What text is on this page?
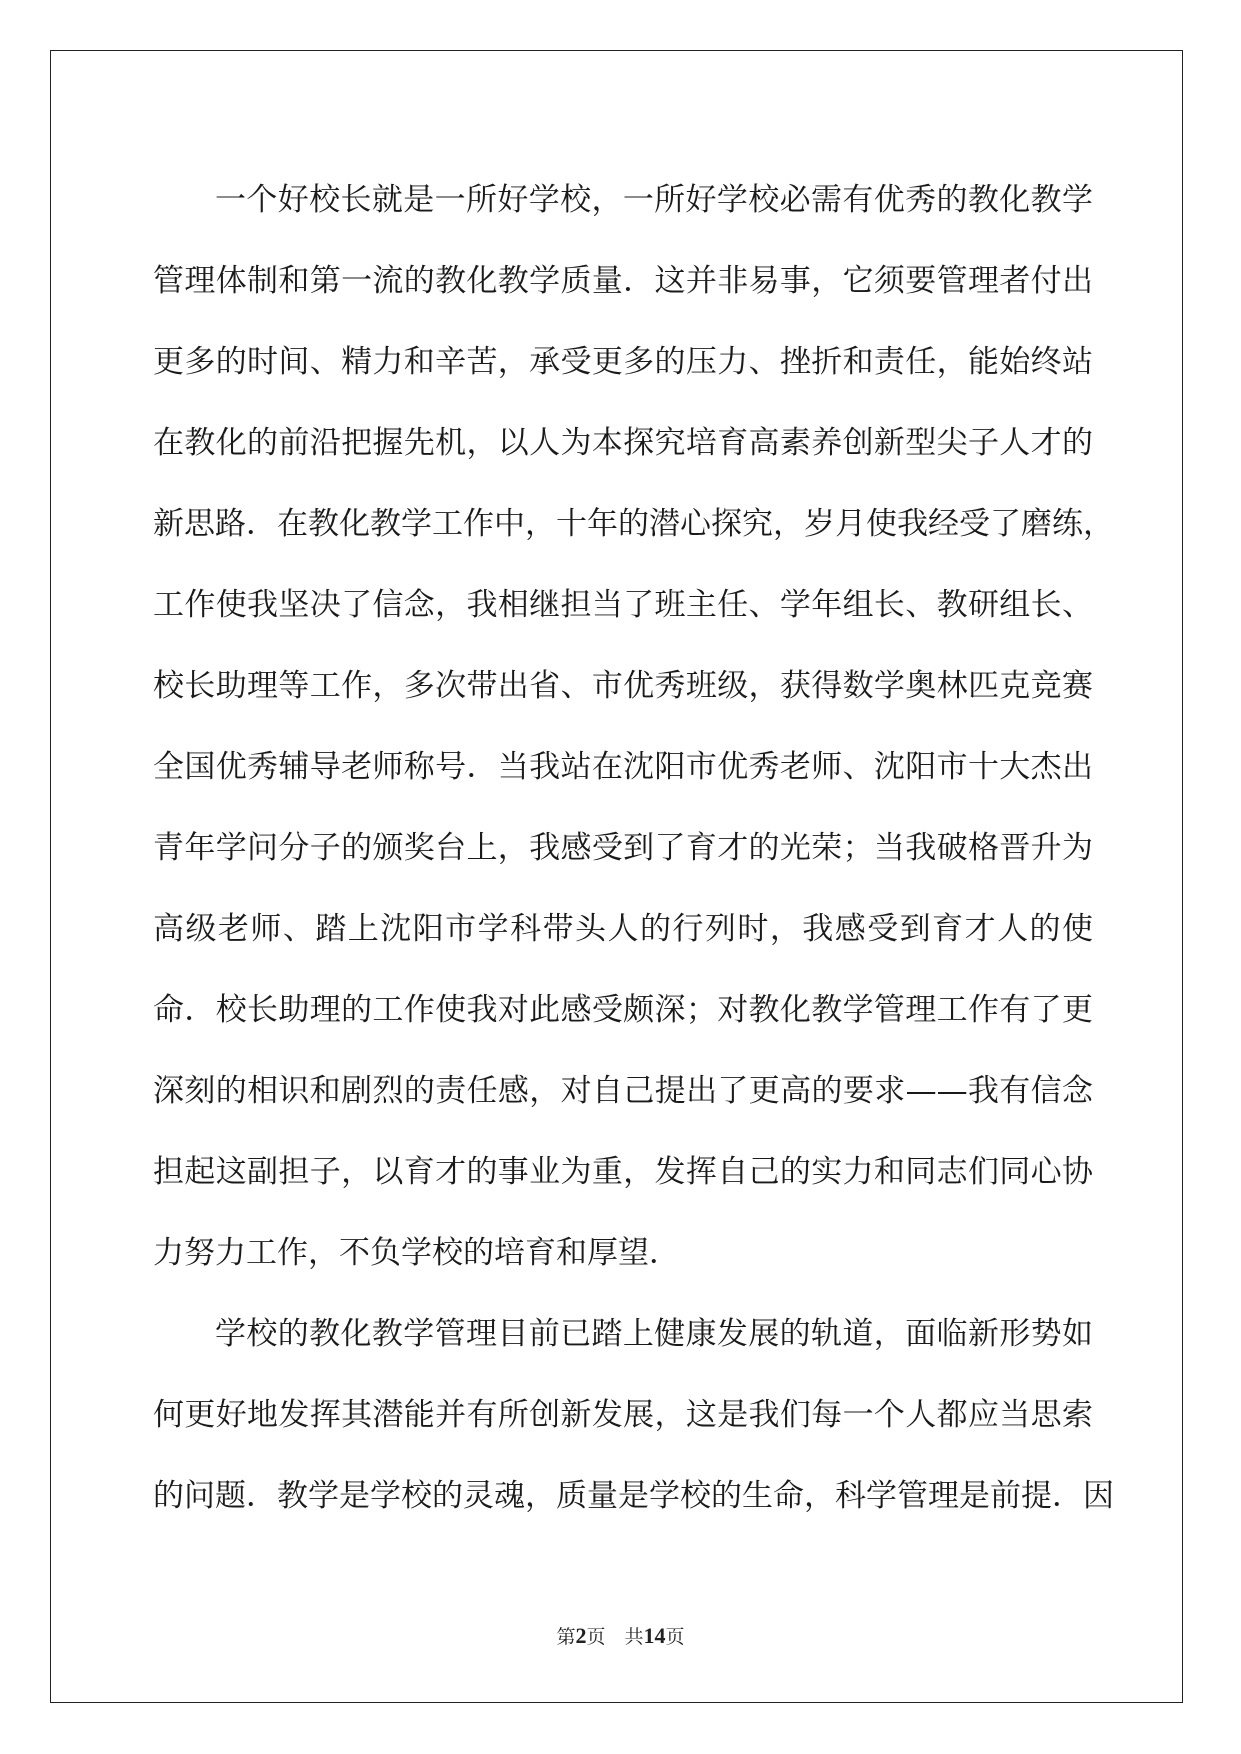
一个好校长就是一所好学校，一所好学校必需有优秀的教化教学
管理体制和第一流的教化教学质量．这并非易事，它须要管理者付出
更多的时间、精力和辛苦，承受更多的压力、挫折和责任，能始终站
在教化的前沿把握先机，以人为本探究培育高素养创新型尖子人才的
新思路．在教化教学工作中，十年的潜心探究，岁月使我经受了磨练，
工作使我坚决了信念，我相继担当了班主任、学年组长、教研组长、
校长助理等工作，多次带出省、市优秀班级，获得数学奥林匹克竞赛
全国优秀辅导老师称号．当我站在沈阳市优秀老师、沈阳市十大杰出
青年学问分子的颁奖台上，我感受到了育才的光荣；当我破格晋升为
高级老师、踏上沈阳市学科带头人的行列时，我感受到育才人的使
命．校长助理的工作使我对此感受颇深；对教化教学管理工作有了更
深刻的相识和剧烈的责任感，对自己提出了更高的要求——我有信念
担起这副担子，以育才的事业为重，发挥自己的实力和同志们同心协
力努力工作，不负学校的培育和厚望．
学校的教化教学管理目前已踏上健康发展的轨道，面临新形势如
何更好地发挥其潜能并有所创新发展，这是我们每一个人都应当思索
的问题．教学是学校的灵魂，质量是学校的生命，科学管理是前提．因
第2页　共14页
